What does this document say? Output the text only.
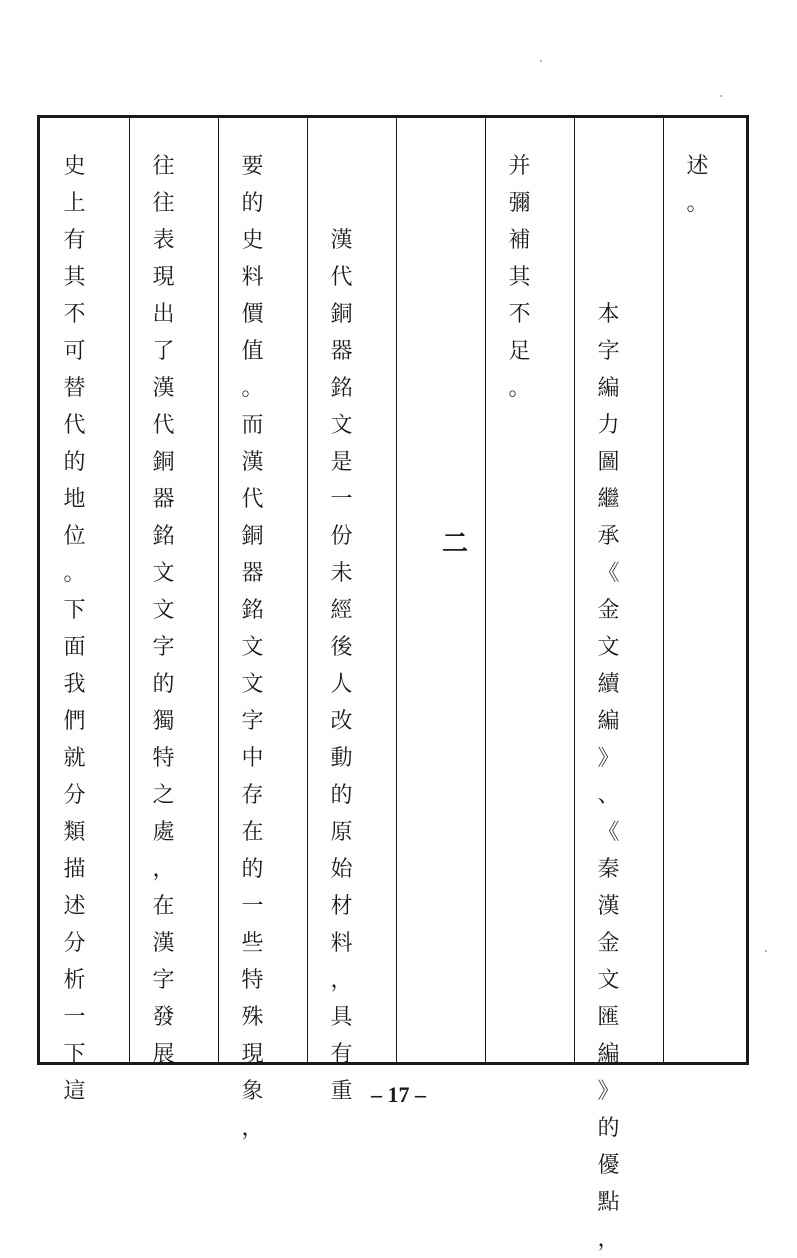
述
。
本
字
編
力
圖
繼
承
《
金
文
續
編
》
、
《
秦
漢
金
文
匯
編
》
的
優
點
，
并
彌
補
其
不
足
。
漢
代
銅
器
銘
文
是
一
份
未
經
後
人
改
動
的
原
始
材
料
，
具
有
重
要
的
史
料
價
值
。
而
漢
代
銅
器
銘
文
文
字
中
存
在
的
一
些
特
殊
現
象
，
往
往
表
現
出
了
漢
代
銅
器
銘
文
文
字
的
獨
特
之
處
，
在
漢
字
發
展
史
上
有
其
不
可
替
代
的
地
位
。
下
面
我
們
就
分
類
描
述
分
析
一
下
這
二
– 17 –
